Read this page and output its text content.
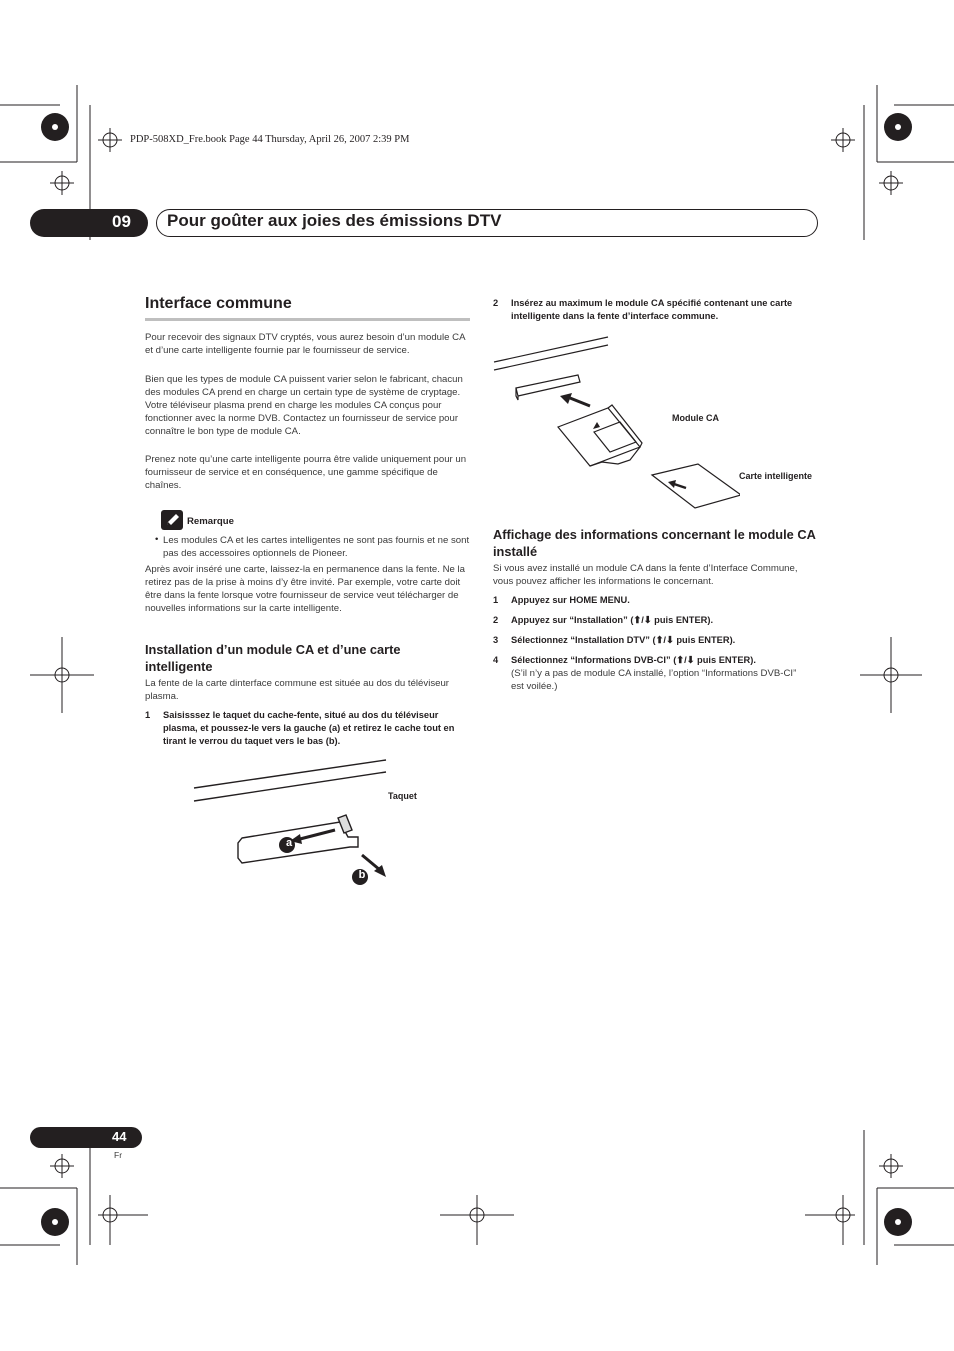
PDP-508XD_Fre.book Page 44 Thursday, April 26, 2007 2:39 PM
09 Pour goûter aux joies des émissions DTV
Interface commune
Pour recevoir des signaux DTV cryptés, vous aurez besoin d’un module CA et d’une carte intelligente fournie par le fournisseur de service.
Bien que les types de module CA puissent varier selon le fabricant, chacun des modules CA prend en charge un certain type de système de cryptage. Votre téléviseur plasma prend en charge les modules CA conçus pour fonctionner avec la norme DVB. Contactez un fournisseur de service pour connaître le bon type de module CA.
Prenez note qu’une carte intelligente pourra être valide uniquement pour un fournisseur de service et en conséquence, une gamme spécifique de chaînes.
Remarque
• Les modules CA et les cartes intelligentes ne sont pas fournis et ne sont pas des accessoires optionnels de Pioneer.
Après avoir inséré une carte, laissez-la en permanence dans la fente. Ne la retirez pas de la prise à moins d’y être invité. Par exemple, votre carte doit être dans la fente lorsque votre fournisseur de service veut télécharger de nouvelles informations sur la carte intelligente.
Installation d’un module CA et d’une carte intelligente
La fente de la carte dinterface commune est située au dos du téléviseur plasma.
1	Saisisssez le taquet du cache-fente, situé au dos du téléviseur plasma, et poussez-le vers la gauche (a) et retirez le cache tout en tirant le verrou du taquet vers le bas (b).
Taquet
a
b
2	Insérez au maximum le module CA spécifié contenant une carte intelligente dans la fente d’interface commune.
Module CA
Carte intelligente
Affichage des informations concernant le module CA installé
Si vous avez installé un module CA dans la fente d’Interface Commune, vous pouvez afficher les informations le concernant.
1	Appuyez sur HOME MENU.
2	Appuyez sur “Installation” (⬆/⬇ puis ENTER).
3	Sélectionnez “Installation DTV” (⬆/⬇ puis ENTER).
4	Sélectionnez “Informations DVB-CI” (⬆/⬇ puis ENTER).
(S’il n’y a pas de module CA installé, l’option “Informations DVB-CI” est voilée.)
44
Fr
